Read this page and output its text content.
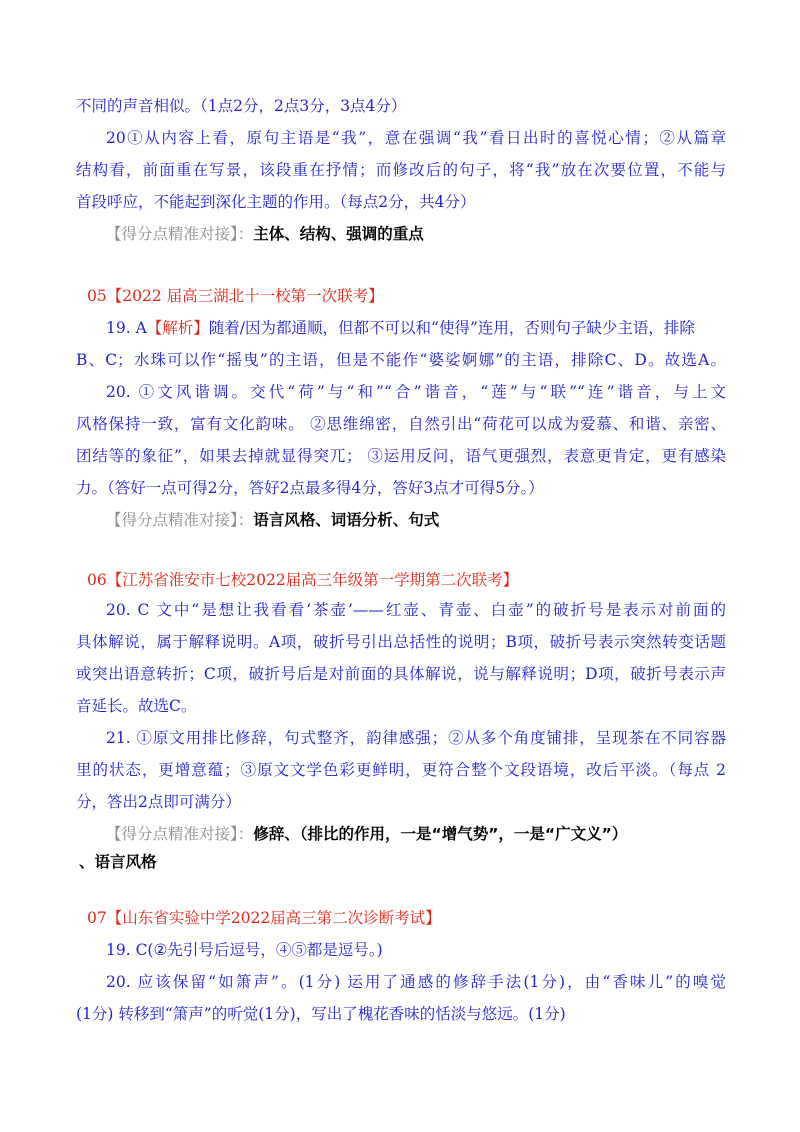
不同的声音相似。（1点2分，2点3分，3点4分）
20①从内容上看，原句主语是“我”，意在强调“我”看日出时的喜悦心情；②从篇章
结构看，前面重在写景，该段重在抒情；而修改后的句子，将“我”放在次要位置，不能与
首段呼应，不能起到深化主题的作用。（每点2分，共4分）
【得分点精准对接】：主体、结构、强调的重点
05【2022 届高三湖北十一校第一次联考】
19. A【解析】随着/因为都通顺，但都不可以和“使得”连用，否则句子缺少主语，排除
B、C；水珠可以作“摇曳”的主语，但是不能作“婆娑婀娜”的主语，排除C、D。故选A。
20. ①文风谐调。交代“荷”与“和”“合”谐音，“莲”与“联”“连”谐音，与上文
风格保持一致，富有文化韵味。 ②思维绵密，自然引出“荷花可以成为爱慕、和谐、亲密、
团结等的象征”，如果去掉就显得突兀； ③运用反问，语气更强烈，表意更肯定，更有感染
力。（答好一点可得2分，答好2点最多得4分，答好3点才可得5分。）
【得分点精准对接】：语言风格、词语分析、句式
06【江苏省淮安市七校2022届高三年级第一学期第二次联考】
20. C 文中“是想让我看看‘茶壶’——红壶、青壶、白壶”的破折号是表示对前面的
具体解说，属于解释说明。A项，破折号引出总括性的说明；B项，破折号表示突然转变话题
或突出语意转折；C项，破折号后是对前面的具体解说，说与解释说明；D项，破折号表示声
音延长。故选C。
21. ①原文用排比修辞，句式整齐，韵律感强；②从多个角度铺排，呈现茶在不同容器
里的状态，更增意蕴；③原文文学色彩更鲜明，更符合整个文段语境，改后平淡。（每点 2
分，答出2点即可满分）
【得分点精准对接】：修辞、（排比的作用，一是“增气势”，一是“广文义”）
、语言风格
07【山东省实验中学2022届高三第二次诊断考试】
19. C(②先引号后逗号，④⑤都是逗号。)
20. 应该保留“如箫声”。(1分) 运用了通感的修辞手法(1分)，由“香味儿”的嗅觉
(1分) 转移到“箫声”的听觉(1分)，写出了槐花香味的恬淡与悠远。(1分)
